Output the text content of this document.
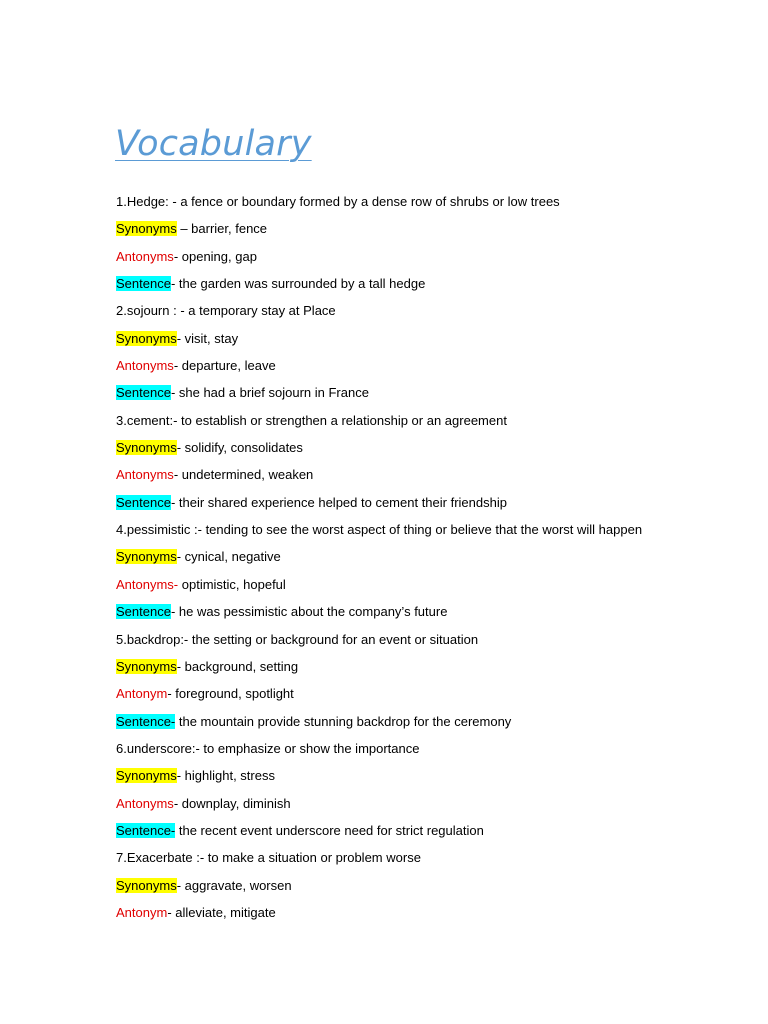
Vocabulary
1.Hedge: - a fence or boundary formed by a dense row of shrubs or low trees
Synonyms – barrier, fence
Antonyms- opening, gap
Sentence- the garden was surrounded by a tall hedge
2.sojourn : - a temporary stay at Place
Synonyms- visit, stay
Antonyms- departure, leave
Sentence- she had a brief sojourn in France
3.cement:- to establish or strengthen a relationship or an agreement
Synonyms- solidify, consolidates
Antonyms- undetermined, weaken
Sentence- their shared experience helped to cement their friendship
4.pessimistic :- tending to see the worst aspect of thing or believe that the worst will happen
Synonyms- cynical, negative
Antonyms- optimistic, hopeful
Sentence- he was pessimistic about the company’s future
5.backdrop:- the setting or background for an event or situation
Synonyms- background, setting
Antonym- foreground, spotlight
Sentence- the mountain provide stunning backdrop for the ceremony
6.underscore:- to emphasize or show the importance
Synonyms- highlight, stress
Antonyms- downplay, diminish
Sentence- the recent event underscore need for strict regulation
7.Exacerbate :- to make a situation or problem worse
Synonyms- aggravate, worsen
Antonym- alleviate, mitigate
